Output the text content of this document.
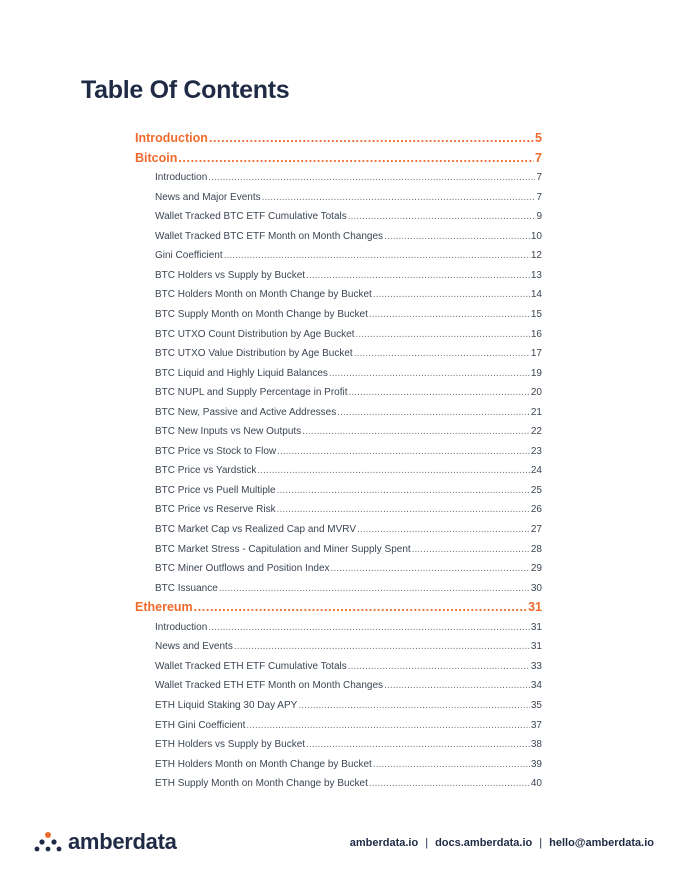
Table Of Contents
Introduction .....	5
Bitcoin .....	7
Introduction .....	7
News and Major Events .....	7
Wallet Tracked BTC ETF Cumulative Totals .....	9
Wallet Tracked BTC ETF Month on Month Changes .....	10
Gini Coefficient .....	12
BTC Holders vs Supply by Bucket .....	13
BTC Holders Month on Month Change by Bucket .....	14
BTC Supply Month on Month Change by Bucket .....	15
BTC UTXO Count Distribution by Age Bucket .....	16
BTC UTXO Value Distribution by Age Bucket .....	17
BTC Liquid and Highly Liquid Balances .....	19
BTC NUPL and Supply Percentage in Profit .....	20
BTC New, Passive and Active Addresses .....	21
BTC New Inputs vs New Outputs .....	22
BTC Price vs Stock to Flow .....	23
BTC Price vs Yardstick .....	24
BTC Price vs Puell Multiple .....	25
BTC Price vs Reserve Risk .....	26
BTC Market Cap vs Realized Cap and MVRV .....	27
BTC Market Stress - Capitulation and Miner Supply Spent .....	28
BTC Miner Outflows and Position Index .....	29
BTC Issuance .....	30
Ethereum .....	31
Introduction .....	31
News and Events .....	31
Wallet Tracked ETH ETF Cumulative Totals .....	33
Wallet Tracked ETH ETF Month on Month Changes .....	34
ETH Liquid Staking 30 Day APY .....	35
ETH Gini Coefficient .....	37
ETH Holders vs Supply by Bucket .....	38
ETH Holders Month on Month Change by Bucket .....	39
ETH Supply Month on Month Change by Bucket .....	40
amberdata	amberdata.io | docs.amberdata.io | hello@amberdata.io
